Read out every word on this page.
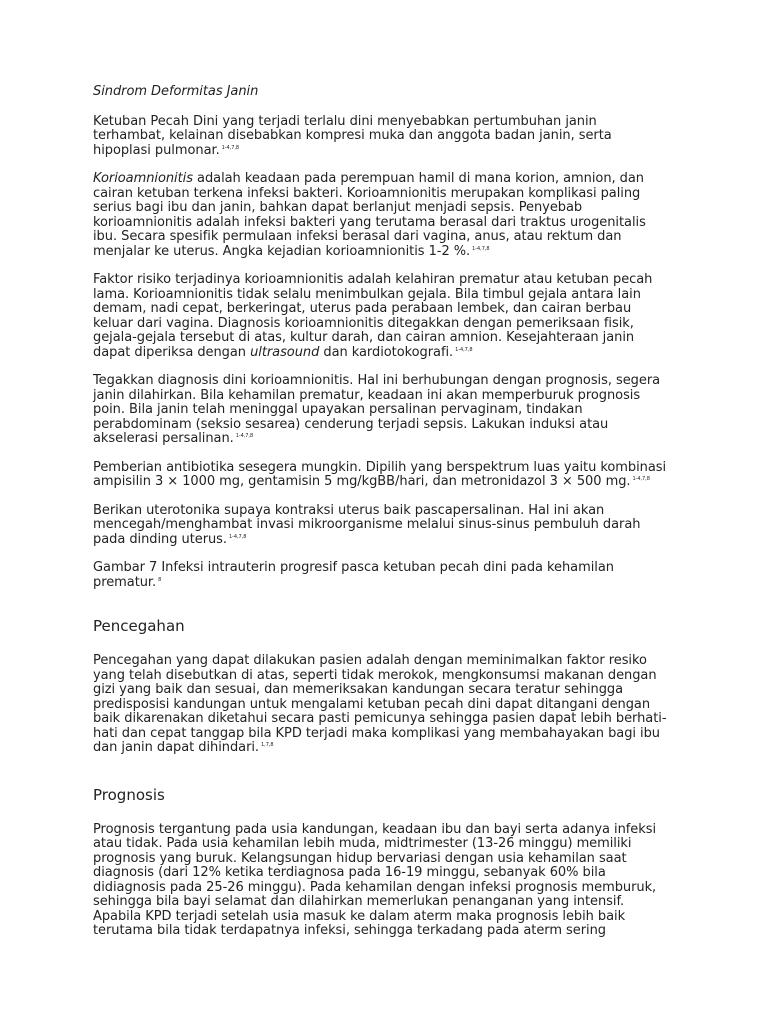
Sindrom Deformitas Janin

Ketuban Pecah Dini yang terjadi terlalu dini menyebabkan pertumbuhan janin terhambat, kelainan disebabkan kompresi muka dan anggota badan janin, serta hipoplasi pulmonar. $^{1-4,7,8}$

Korioamnionitis adalah keadaan pada perempuan hamil di mana korion, amnion, dan cairan ketuban terkena infeksi bakteri. Korioamnionitis merupakan komplikasi paling serius bagi ibu dan janin, bahkan dapat berlanjut menjadi sepsis. Penyebab korioamnionitis adalah infeksi bakteri yang terutama berasal dari traktus urogenitalis ibu. Secara spesifik permulaan infeksi berasal dari vagina, anus, atau rektum dan menjalar ke uterus. Angka kejadian korioamnionitis 1-2 %. $^{1-4,7,8}$

Faktor risiko terjadinya korioamnionitis adalah kelahiran prematur atau ketuban pecah lama. Korioamnionitis tidak selalu menimbulkan gejala. Bila timbul gejala antara lain demam, nadi cepat, berkeringat, uterus pada perabaan lembek, dan cairan berbau keluar dari vagina. Diagnosis korioamnionitis ditegakkan dengan pemeriksaan fisik, gejala-gejala tersebut di atas, kultur darah, dan cairan amnion. Kesejahteraan janin dapat diperiksa dengan ultrasound dan kardiotokografi. $^{1-4,7,8}$

Tegakkan diagnosis dini korioamnionitis. Hal ini berhubungan dengan prognosis, segera janin dilahirkan. Bila kehamilan prematur, keadaan ini akan memperburuk prognosis poin. Bila janin telah meninggal upayakan persalinan pervaginam, tindakan perabdominam (seksio sesarea) cenderung terjadi sepsis. Lakukan induksi atau akselerasi persalinan. $^{1-4,7,8}$

Pemberian antibiotika sesegera mungkin. Dipilih yang berspektrum luas yaitu kombinasi ampisilin 3 × 1000 mg, gentamisin 5 mg/kgBB/hari, dan metronidazol 3 × 500 mg. $^{1-4,7,8}$

Berikan uterotonika supaya kontraksi uterus baik pascapersalinan. Hal ini akan mencegah/menghambat invasi mikroorganisme melalui sinus-sinus pembuluh darah pada dinding uterus. $^{1-4,7,8}$

Gambar 7 Infeksi intrauterin progresif pasca ketuban pecah dini pada kehamilan prematur. $^8$

Pencegahan

Pencegahan yang dapat dilakukan pasien adalah dengan meminimalkan faktor resiko yang telah disebutkan di atas, seperti tidak merokok, mengkonsumsi makanan dengan gizi yang baik dan sesuai, dan memeriksakan kandungan secara teratur sehingga predisposisi kandungan untuk mengalami ketuban pecah dini dapat ditangani dengan baik dikarenakan diketahui secara pasti pemicunya sehingga pasien dapat lebih berhati-hati dan cepat tanggap bila KPD terjadi maka komplikasi yang membahayakan bagi ibu dan janin dapat dihindari. $^{1,7,8}$

Prognosis

Prognosis tergantung pada usia kandungan, keadaan ibu dan bayi serta adanya infeksi atau tidak. Pada usia kehamilan lebih muda, midtrimester (13-26 minggu) memiliki prognosis yang buruk. Kelangsungan hidup bervariasi dengan usia kehamilan saat diagnosis (dari 12% ketika terdiagnosa pada 16-19 minggu, sebanyak 60% bila didiagnosis pada 25-26 minggu). Pada kehamilan dengan infeksi prognosis memburuk, sehingga bila bayi selamat dan dilahirkan memerlukan penanganan yang intensif. Apabila KPD terjadi setelah usia masuk ke dalam aterm maka prognosis lebih baik terutama bila tidak terdapatnya infeksi, sehingga terkadang pada aterm sering
